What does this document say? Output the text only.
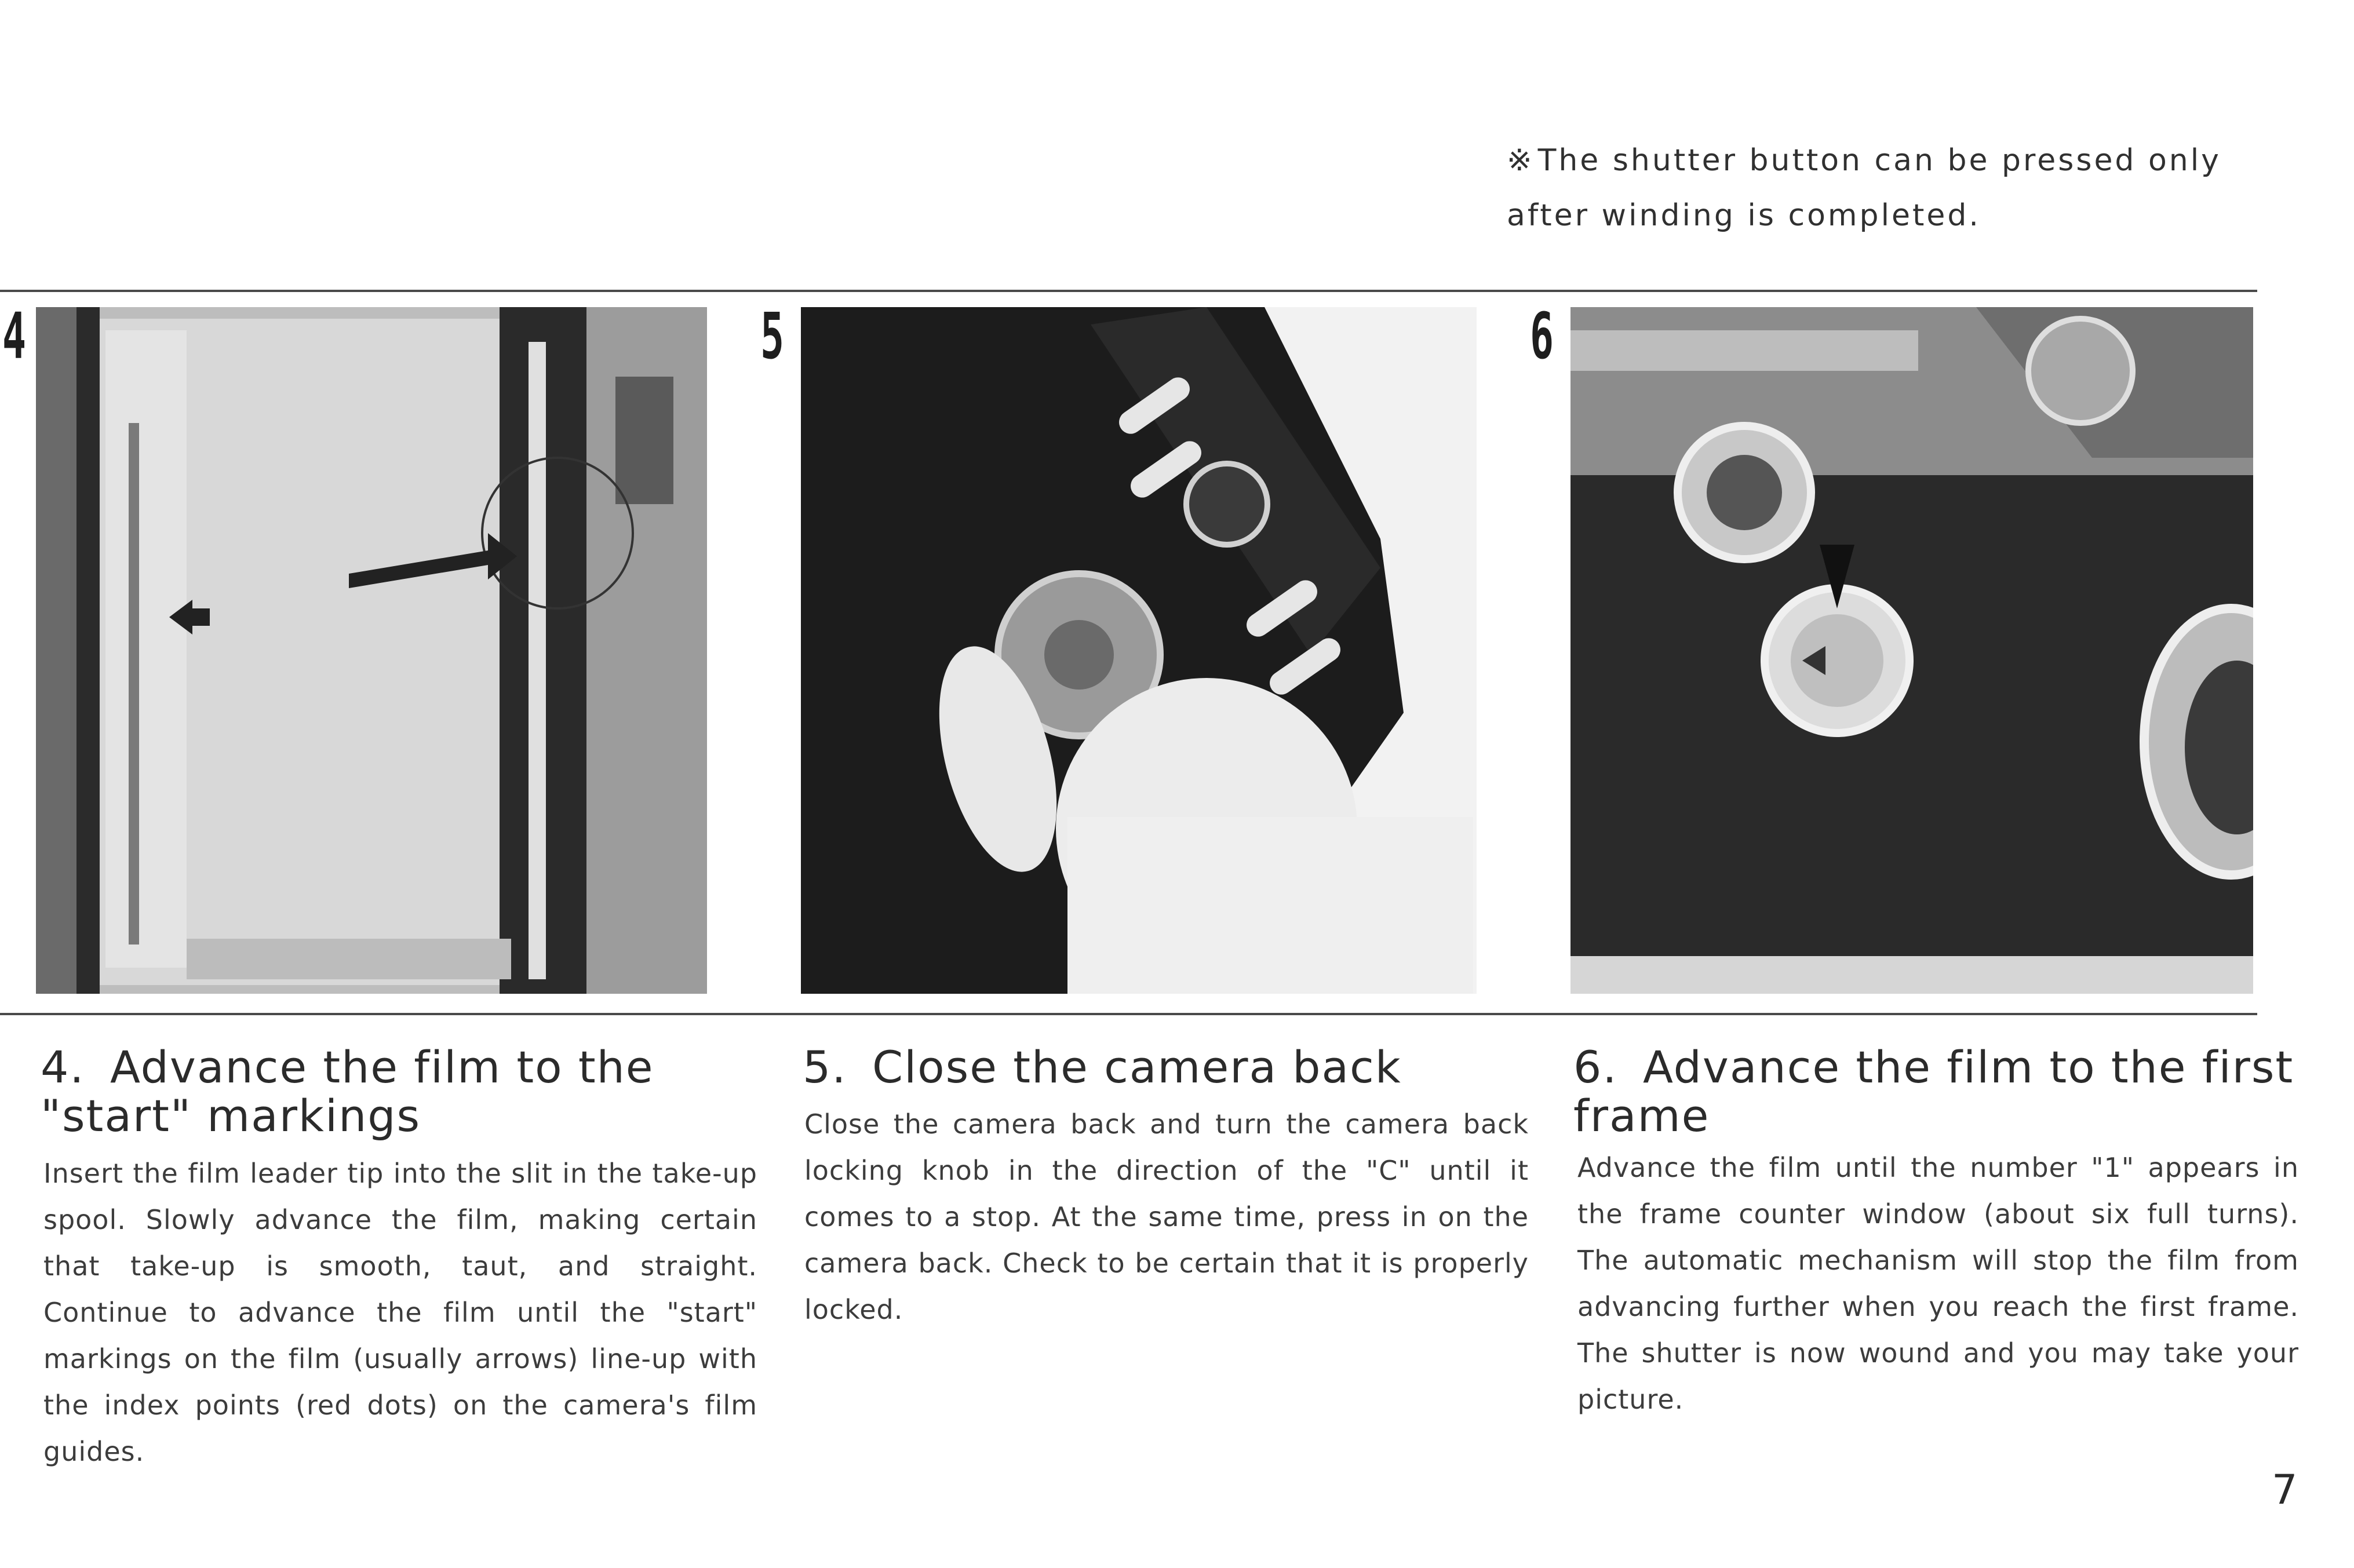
※ The shutter button can be pressed only after winding is completed.
4	5	6
4. Advance the film to the "start" markings
Insert the film leader tip into the slit in the take-up spool. Slowly advance the film, making certain that take-up is smooth, taut, and straight. Continue to advance the film until the "start" markings on the film (usually arrows) line-up with the index points (red dots) on the camera's film guides.
5. Close the camera back
Close the camera back and turn the camera back locking knob in the direction of the "C" until it comes to a stop. At the same time, press in on the camera back. Check to be certain that it is properly locked.
6. Advance the film to the first frame
Advance the film until the number "1" appears in the frame counter window (about six full turns). The automatic mechanism will stop the film from advancing further when you reach the first frame. The shutter is now wound and you may take your picture.
7
